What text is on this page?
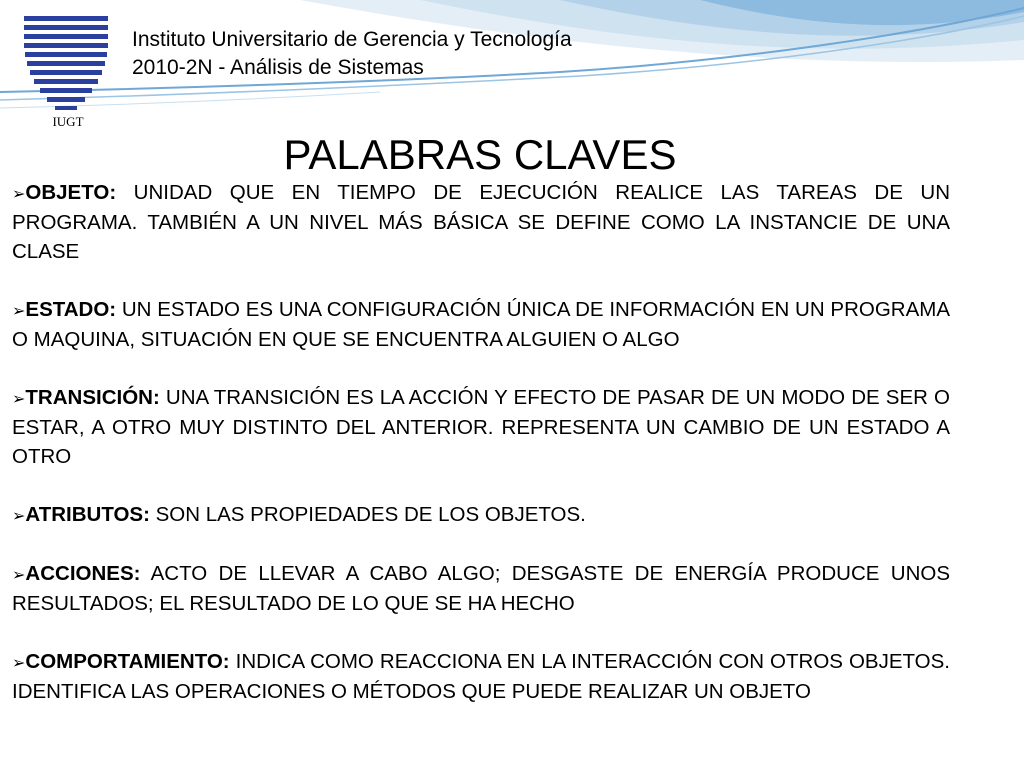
IUGT
Instituto Universitario de Gerencia y Tecnología
2010-2N - Análisis de Sistemas
PALABRAS CLAVES
➢OBJETO: UNIDAD QUE EN TIEMPO DE EJECUCIÓN REALICE LAS TAREAS DE UN PROGRAMA. TAMBIÉN A UN NIVEL MÁS BÁSICA SE DEFINE COMO LA INSTANCIE DE UNA CLASE
➢ESTADO: UN ESTADO ES UNA CONFIGURACIÓN ÚNICA DE INFORMACIÓN EN UN PROGRAMA O MAQUINA, SITUACIÓN EN QUE SE ENCUENTRA ALGUIEN O ALGO
➢TRANSICIÓN: UNA TRANSICIÓN ES LA ACCIÓN Y EFECTO DE PASAR DE UN MODO DE SER O ESTAR, A OTRO MUY DISTINTO DEL ANTERIOR. REPRESENTA UN CAMBIO DE UN ESTADO A OTRO
➢ATRIBUTOS: SON LAS PROPIEDADES DE LOS OBJETOS.
➢ACCIONES: ACTO DE LLEVAR A CABO ALGO; DESGASTE DE ENERGÍA PRODUCE UNOS RESULTADOS; EL RESULTADO DE LO QUE SE HA HECHO
➢COMPORTAMIENTO: INDICA COMO REACCIONA EN LA INTERACCIÓN CON OTROS OBJETOS. IDENTIFICA LAS OPERACIONES O MÉTODOS QUE PUEDE REALIZAR UN OBJETO
